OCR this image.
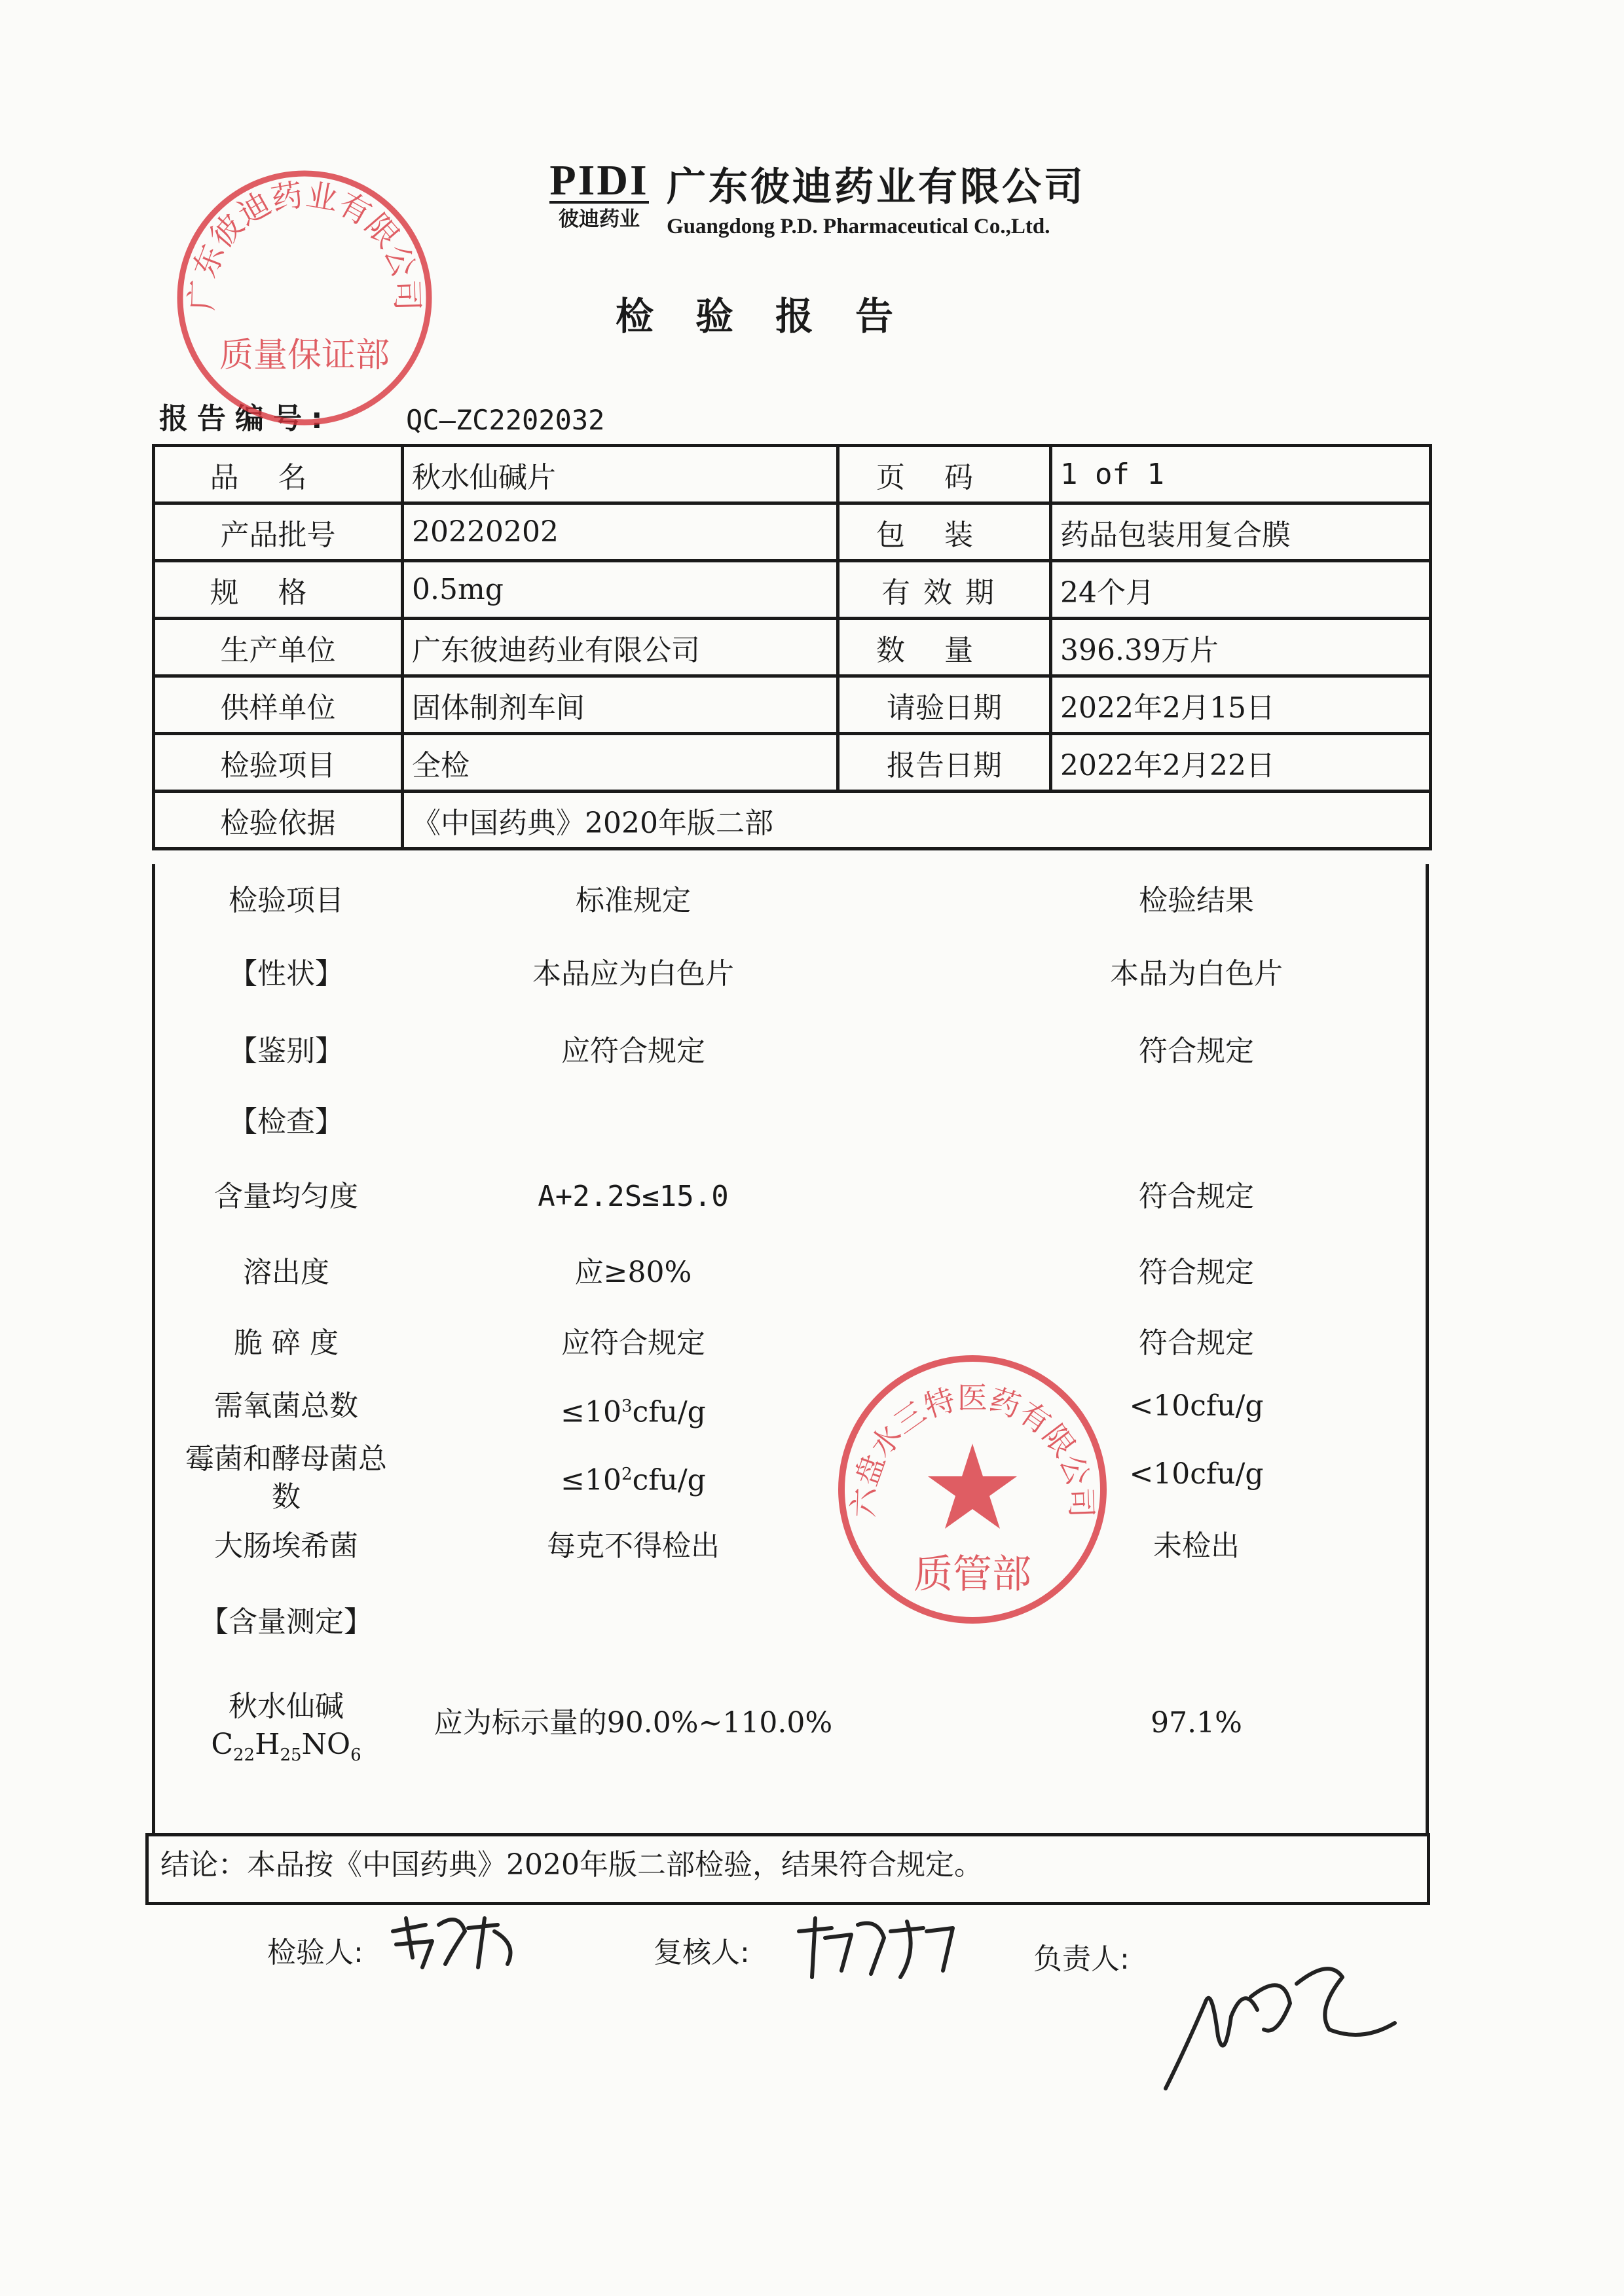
PIDI
彼迪药业
广东彼迪药业有限公司
Guangdong P.D. Pharmaceutical Co.,Ltd.
检验报告
报告编号:	QC—ZC2202032
品名	秋水仙碱片	页码	1 of 1
产品批号	20220202	包装	药品包装用复合膜
规格	0.5mg	有效期	24个月
生产单位	广东彼迪药业有限公司	数量	396.39万片
供样单位	固体制剂车间	请验日期	2022年2月15日
检验项目	全检	报告日期	2022年2月22日
检验依据	《中国药典》2020年版二部		
检验项目	标准规定	检验结果
【性状】	本品应为白色片	本品为白色片
【鉴别】	应符合规定	符合规定
【检查】
含量均匀度	A+2.2S≤15.0	符合规定
溶出度	应≥80%	符合规定
脆 碎 度	应符合规定	符合规定
需氧菌总数	$\le 10^3cfu/g$	<10cfu/g
霉菌和酵母菌总
数	$\le 10^2cfu/g$	<10cfu/g
大肠埃希菌	每克不得检出	未检出
【含量测定】
秋水仙碱
$C_{22}H_{25}NO_6$
应为标示量的90.0%~110.0%	97.1%
结论：本品按《中国药典》2020年版二部检验，结果符合规定。
检验人:	复核人:	负责人:
广东彼迪药业有限公司
质量保证部
六盘水三特医药有限公司
质管部
